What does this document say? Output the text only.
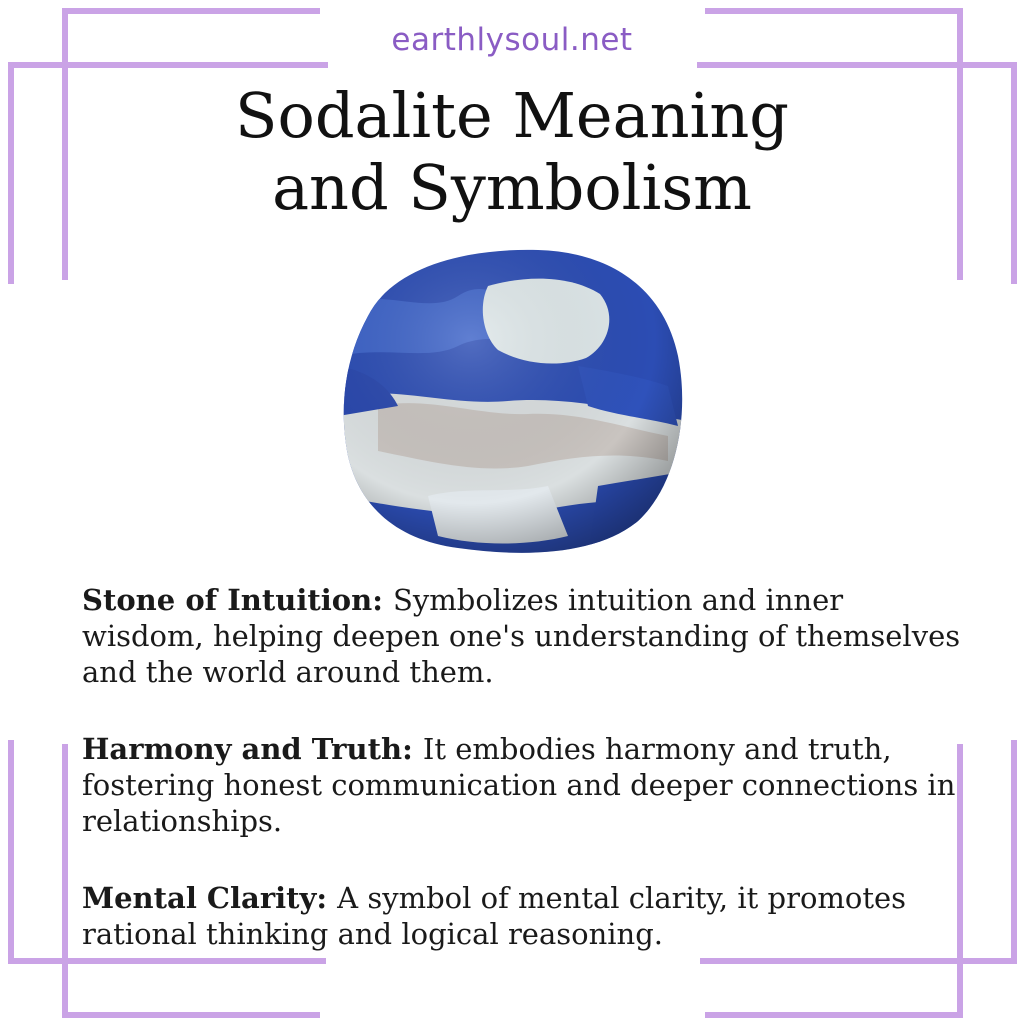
earthlysoul.net
Sodalite Meaning
and Symbolism

Stone of Intuition: Symbolizes intuition and inner wisdom, helping deepen one's understanding of themselves and the world around them.

Harmony and Truth: It embodies harmony and truth, fostering honest communication and deeper connections in relationships.

Mental Clarity: A symbol of mental clarity, it promotes rational thinking and logical reasoning.
